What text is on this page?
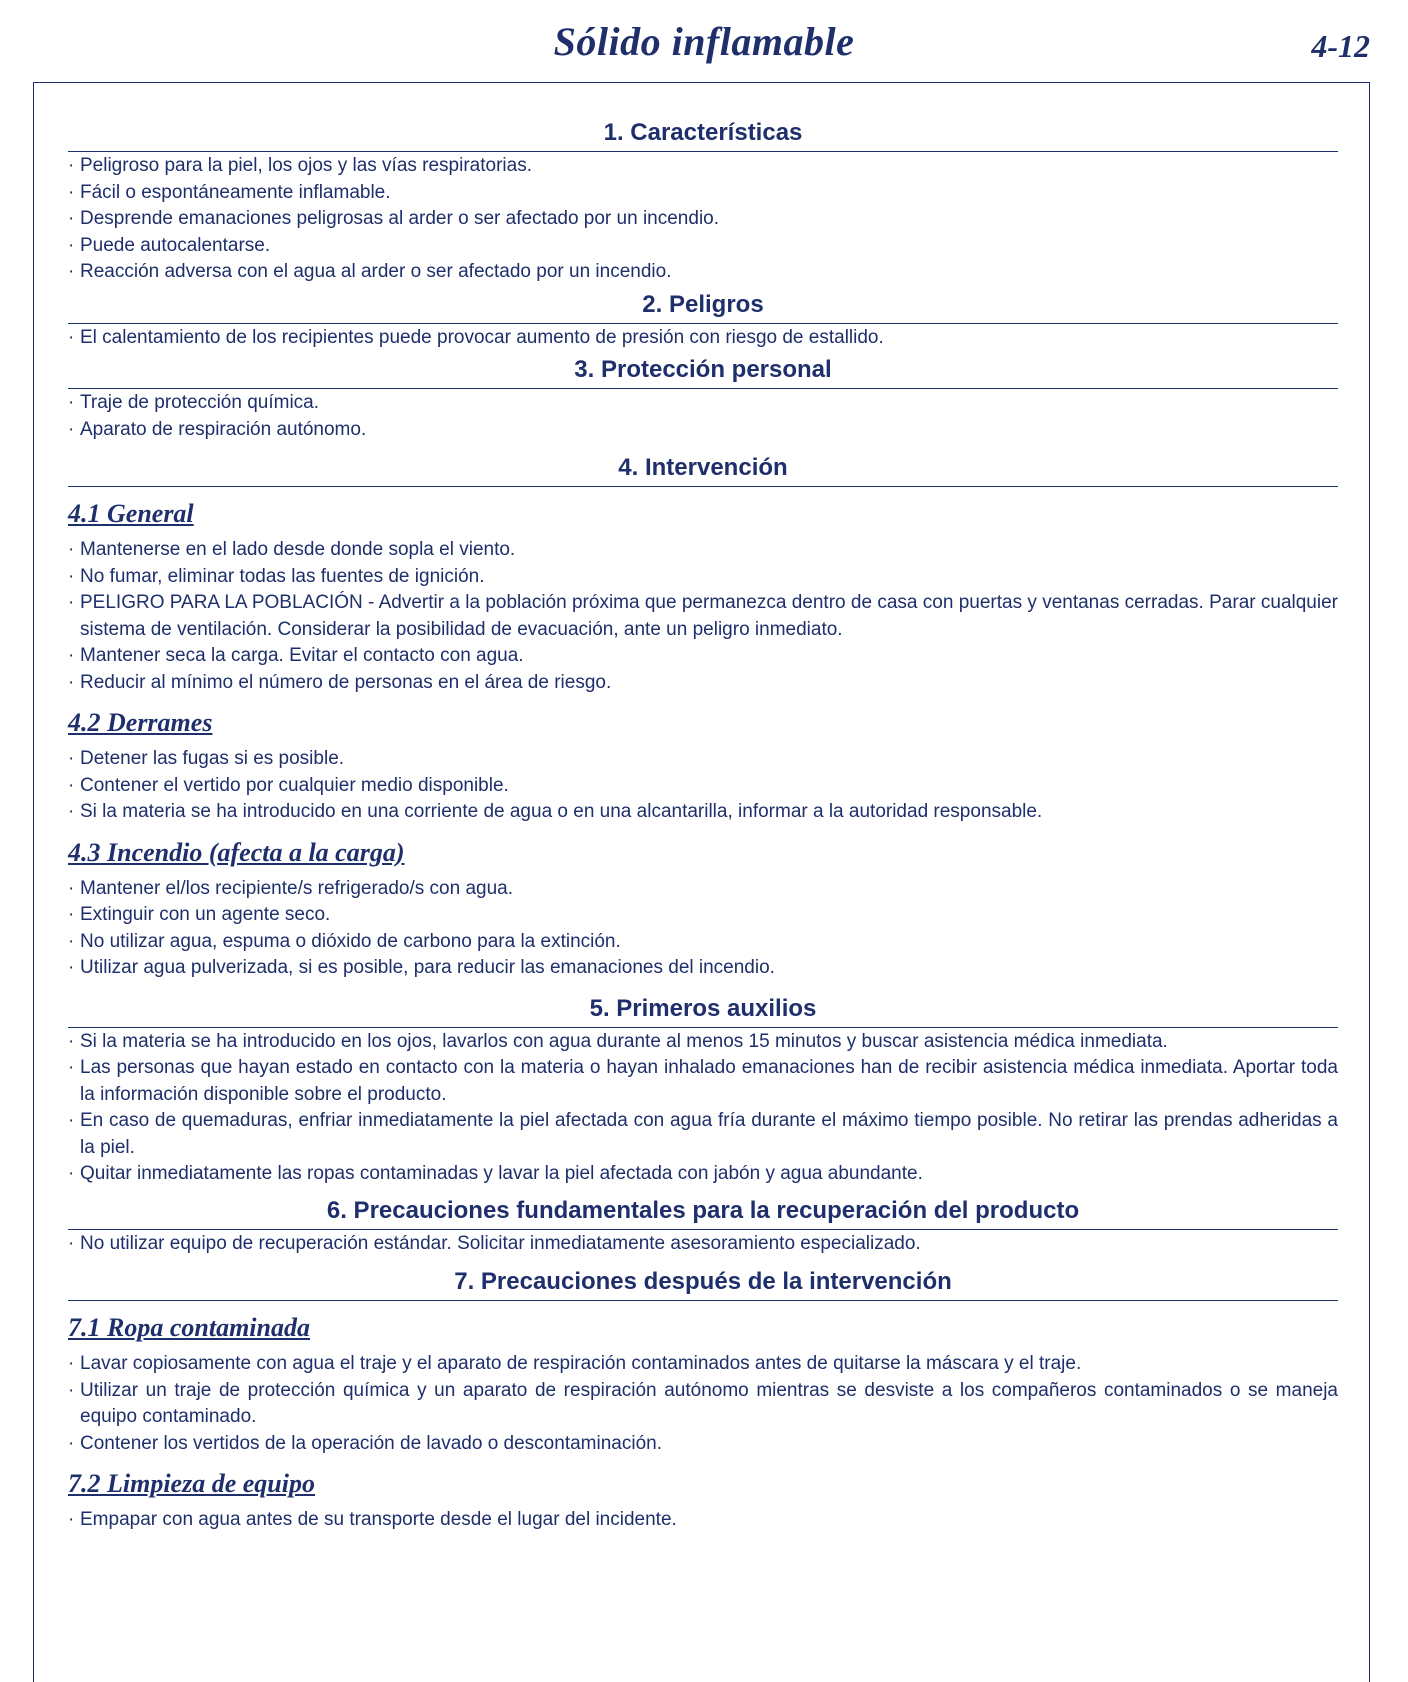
Sólido inflamable	4-12
1. Características
· Peligroso para la piel, los ojos y las vías respiratorias.
· Fácil o espontáneamente inflamable.
· Desprende emanaciones peligrosas al arder o ser afectado por un incendio.
· Puede autocalentarse.
· Reacción adversa con el agua al arder o ser afectado por un incendio.
2. Peligros
· El calentamiento de los recipientes puede provocar aumento de presión con riesgo de estallido.
3. Protección personal
· Traje de protección química.
· Aparato de respiración autónomo.
4. Intervención
4.1 General
· Mantenerse en el lado desde donde sopla el viento.
· No fumar, eliminar todas las fuentes de ignición.
· PELIGRO PARA LA POBLACIÓN - Advertir a la población próxima que permanezca dentro de casa con puertas y ventanas cerradas. Parar cualquier sistema de ventilación. Considerar la posibilidad de evacuación, ante un peligro inmediato.
· Mantener seca la carga. Evitar el contacto con agua.
· Reducir al mínimo el número de personas en el área de riesgo.
4.2 Derrames
· Detener las fugas si es posible.
· Contener el vertido por cualquier medio disponible.
· Si la materia se ha introducido en una corriente de agua o en una alcantarilla, informar a la autoridad responsable.
4.3 Incendio (afecta a la carga)
· Mantener el/los recipiente/s refrigerado/s con agua.
· Extinguir con un agente seco.
· No utilizar agua, espuma o dióxido de carbono para la extinción.
· Utilizar agua pulverizada, si es posible, para reducir las emanaciones del incendio.
5. Primeros auxilios
· Si la materia se ha introducido en los ojos, lavarlos con agua durante al menos 15 minutos y buscar asistencia médica inmediata.
· Las personas que hayan estado en contacto con la materia o hayan inhalado emanaciones han de recibir asistencia médica inmediata. Aportar toda la información disponible sobre el producto.
· En caso de quemaduras, enfriar inmediatamente la piel afectada con agua fría durante el máximo tiempo posible. No retirar las prendas adheridas a la piel.
· Quitar inmediatamente las ropas contaminadas y lavar la piel afectada con jabón y agua abundante.
6. Precauciones fundamentales para la recuperación del producto
· No utilizar equipo de recuperación estándar. Solicitar inmediatamente asesoramiento especializado.
7. Precauciones después de la intervención
7.1 Ropa contaminada
· Lavar copiosamente con agua el traje y el aparato de respiración contaminados antes de quitarse la máscara y el traje.
· Utilizar un traje de protección química y un aparato de respiración autónomo mientras se desviste a los compañeros contaminados o se maneja equipo contaminado.
· Contener los vertidos de la operación de lavado o descontaminación.
7.2 Limpieza de equipo
· Empapar con agua antes de su transporte desde el lugar del incidente.
